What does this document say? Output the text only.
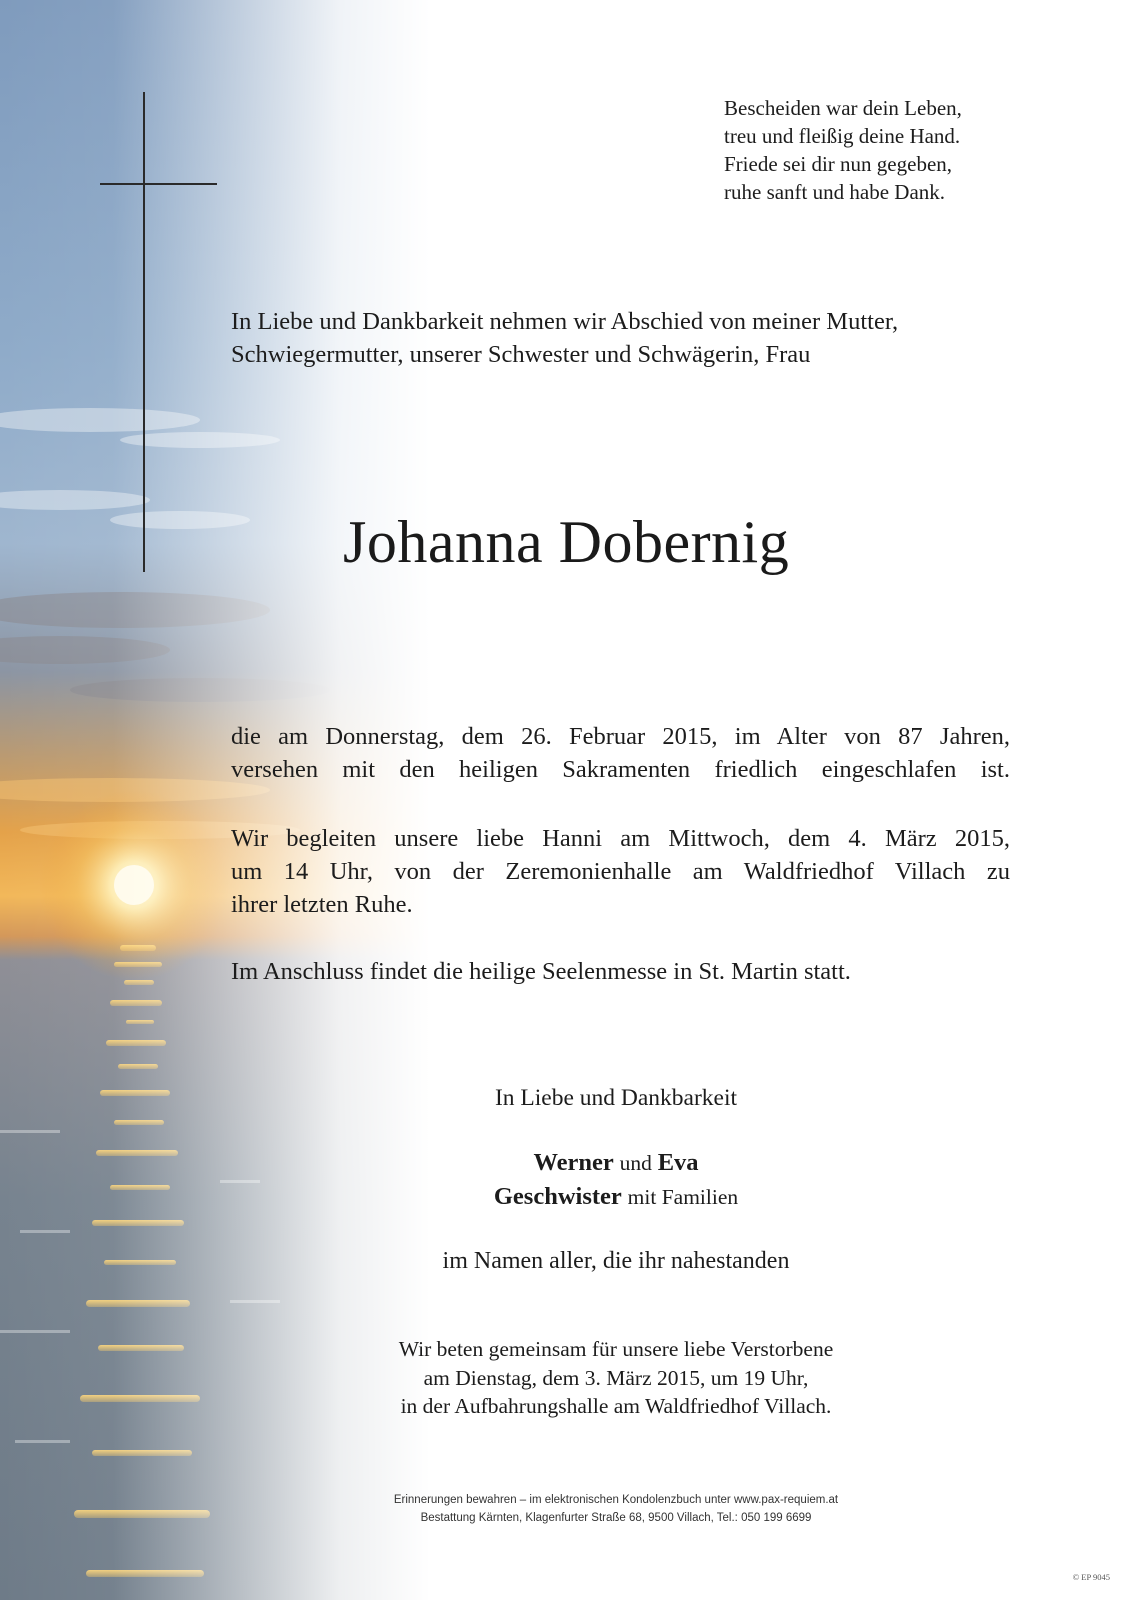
Bescheiden war dein Leben,
treu und fleißig deine Hand.
Friede sei dir nun gegeben,
ruhe sanft und habe Dank.
In Liebe und Dankbarkeit nehmen wir Abschied von meiner Mutter,
Schwiegermutter, unserer Schwester und Schwägerin, Frau
Johanna Dobernig
die am Donnerstag, dem 26. Februar 2015, im Alter von 87 Jahren,
versehen mit den heiligen Sakramenten friedlich eingeschlafen ist.
Wir begleiten unsere liebe Hanni am Mittwoch, dem 4. März 2015,
um 14 Uhr, von der Zeremonienhalle am Waldfriedhof Villach zu
ihrer letzten Ruhe.
Im Anschluss findet die heilige Seelenmesse in St. Martin statt.
In Liebe und Dankbarkeit
Werner und Eva
Geschwister mit Familien
im Namen aller, die ihr nahestanden
Wir beten gemeinsam für unsere liebe Verstorbene
am Dienstag, dem 3. März 2015, um 19 Uhr,
in der Aufbahrungshalle am Waldfriedhof Villach.
Erinnerungen bewahren – im elektronischen Kondolenzbuch unter www.pax-requiem.at
Bestattung Kärnten, Klagenfurter Straße 68, 9500 Villach, Tel.: 050 199 6699
© EP 9045
